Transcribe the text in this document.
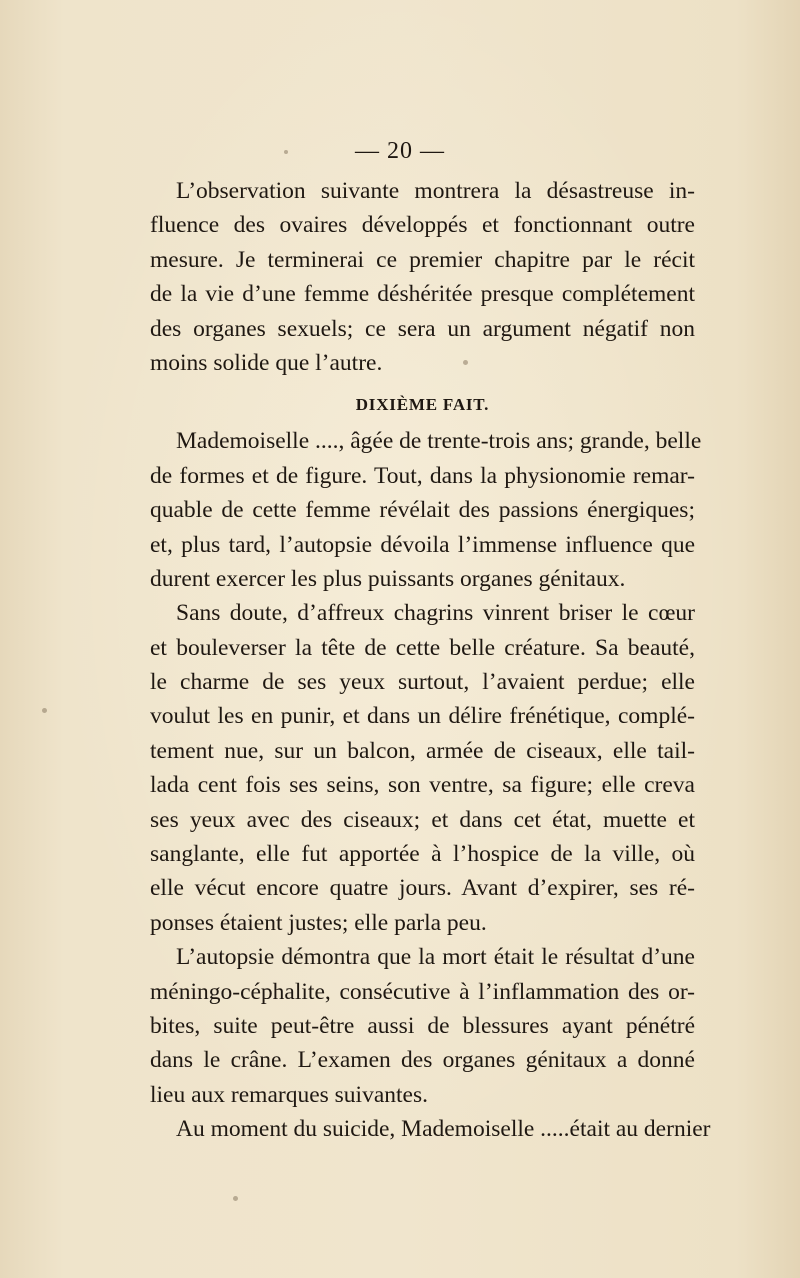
— 20 —
L’observation suivante montrera la désastreuse in-
fluence des ovaires développés et fonctionnant outre
mesure. Je terminerai ce premier chapitre par le récit
de la vie d’une femme déshéritée presque complétement
des organes sexuels; ce sera un argument négatif non
moins solide que l’autre.
DIXIÈME FAIT.
Mademoiselle ...., âgée de trente-trois ans; grande, belle
de formes et de figure. Tout, dans la physionomie remar-
quable de cette femme révélait des passions énergiques;
et, plus tard, l’autopsie dévoila l’immense influence que
durent exercer les plus puissants organes génitaux.
Sans doute, d’affreux chagrins vinrent briser le cœur
et bouleverser la tête de cette belle créature. Sa beauté,
le charme de ses yeux surtout, l’avaient perdue; elle
voulut les en punir, et dans un délire frénétique, complé-
tement nue, sur un balcon, armée de ciseaux, elle tail-
lada cent fois ses seins, son ventre, sa figure; elle creva
ses yeux avec des ciseaux; et dans cet état, muette et
sanglante, elle fut apportée à l’hospice de la ville, où
elle vécut encore quatre jours. Avant d’expirer, ses ré-
ponses étaient justes; elle parla peu.
L’autopsie démontra que la mort était le résultat d’une
méningo-céphalite, consécutive à l’inflammation des or-
bites, suite peut-être aussi de blessures ayant pénétré
dans le crâne. L’examen des organes génitaux a donné
lieu aux remarques suivantes.
Au moment du suicide, Mademoiselle .....était au dernier
